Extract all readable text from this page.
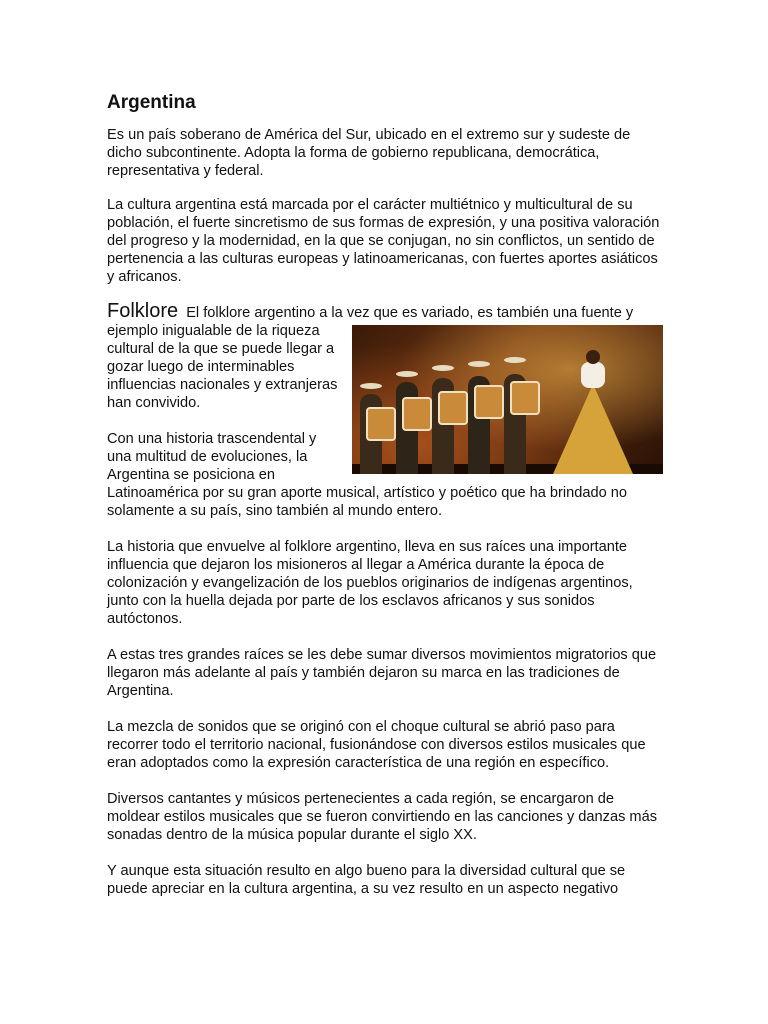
Argentina

Es un país soberano de América del Sur, ubicado en el extremo sur y sudeste de dicho subcontinente. Adopta la forma de gobierno republicana, democrática, representativa y federal.

La cultura argentina está marcada por el carácter multiétnico y multicultural de su población, el fuerte sincretismo de sus formas de expresión, y una positiva valoración del progreso y la modernidad, en la que se conjugan, no sin conflictos, un sentido de pertenencia a las culturas europeas y latinoamericanas, con fuertes aportes asiáticos y africanos.

Folklore El folklore argentino a la vez que es variado, es también una fuente y

ejemplo inigualable de la riqueza cultural de la que se puede llegar a gozar luego de interminables influencias nacionales y extranjeras han convivido.

Con una historia trascendental y una multitud de evoluciones, la Argentina se posiciona en Latinoamérica por su gran aporte musical, artístico y poético que ha brindado no solamente a su país, sino también al mundo entero.

La historia que envuelve al folklore argentino, lleva en sus raíces una importante influencia que dejaron los misioneros al llegar a América durante la época de colonización y evangelización de los pueblos originarios de indígenas argentinos, junto con la huella dejada por parte de los esclavos africanos y sus sonidos autóctonos.

A estas tres grandes raíces se les debe sumar diversos movimientos migratorios que llegaron más adelante al país y también dejaron su marca en las tradiciones de Argentina.

La mezcla de sonidos que se originó con el choque cultural se abrió paso para recorrer todo el territorio nacional, fusionándose con diversos estilos musicales que eran adoptados como la expresión característica de una región en específico.

Diversos cantantes y músicos pertenecientes a cada región, se encargaron de moldear estilos musicales que se fueron convirtiendo en las canciones y danzas más sonadas dentro de la música popular durante el siglo XX.

Y aunque esta situación resulto en algo bueno para la diversidad cultural que se puede apreciar en la cultura argentina, a su vez resulto en un aspecto negativo
